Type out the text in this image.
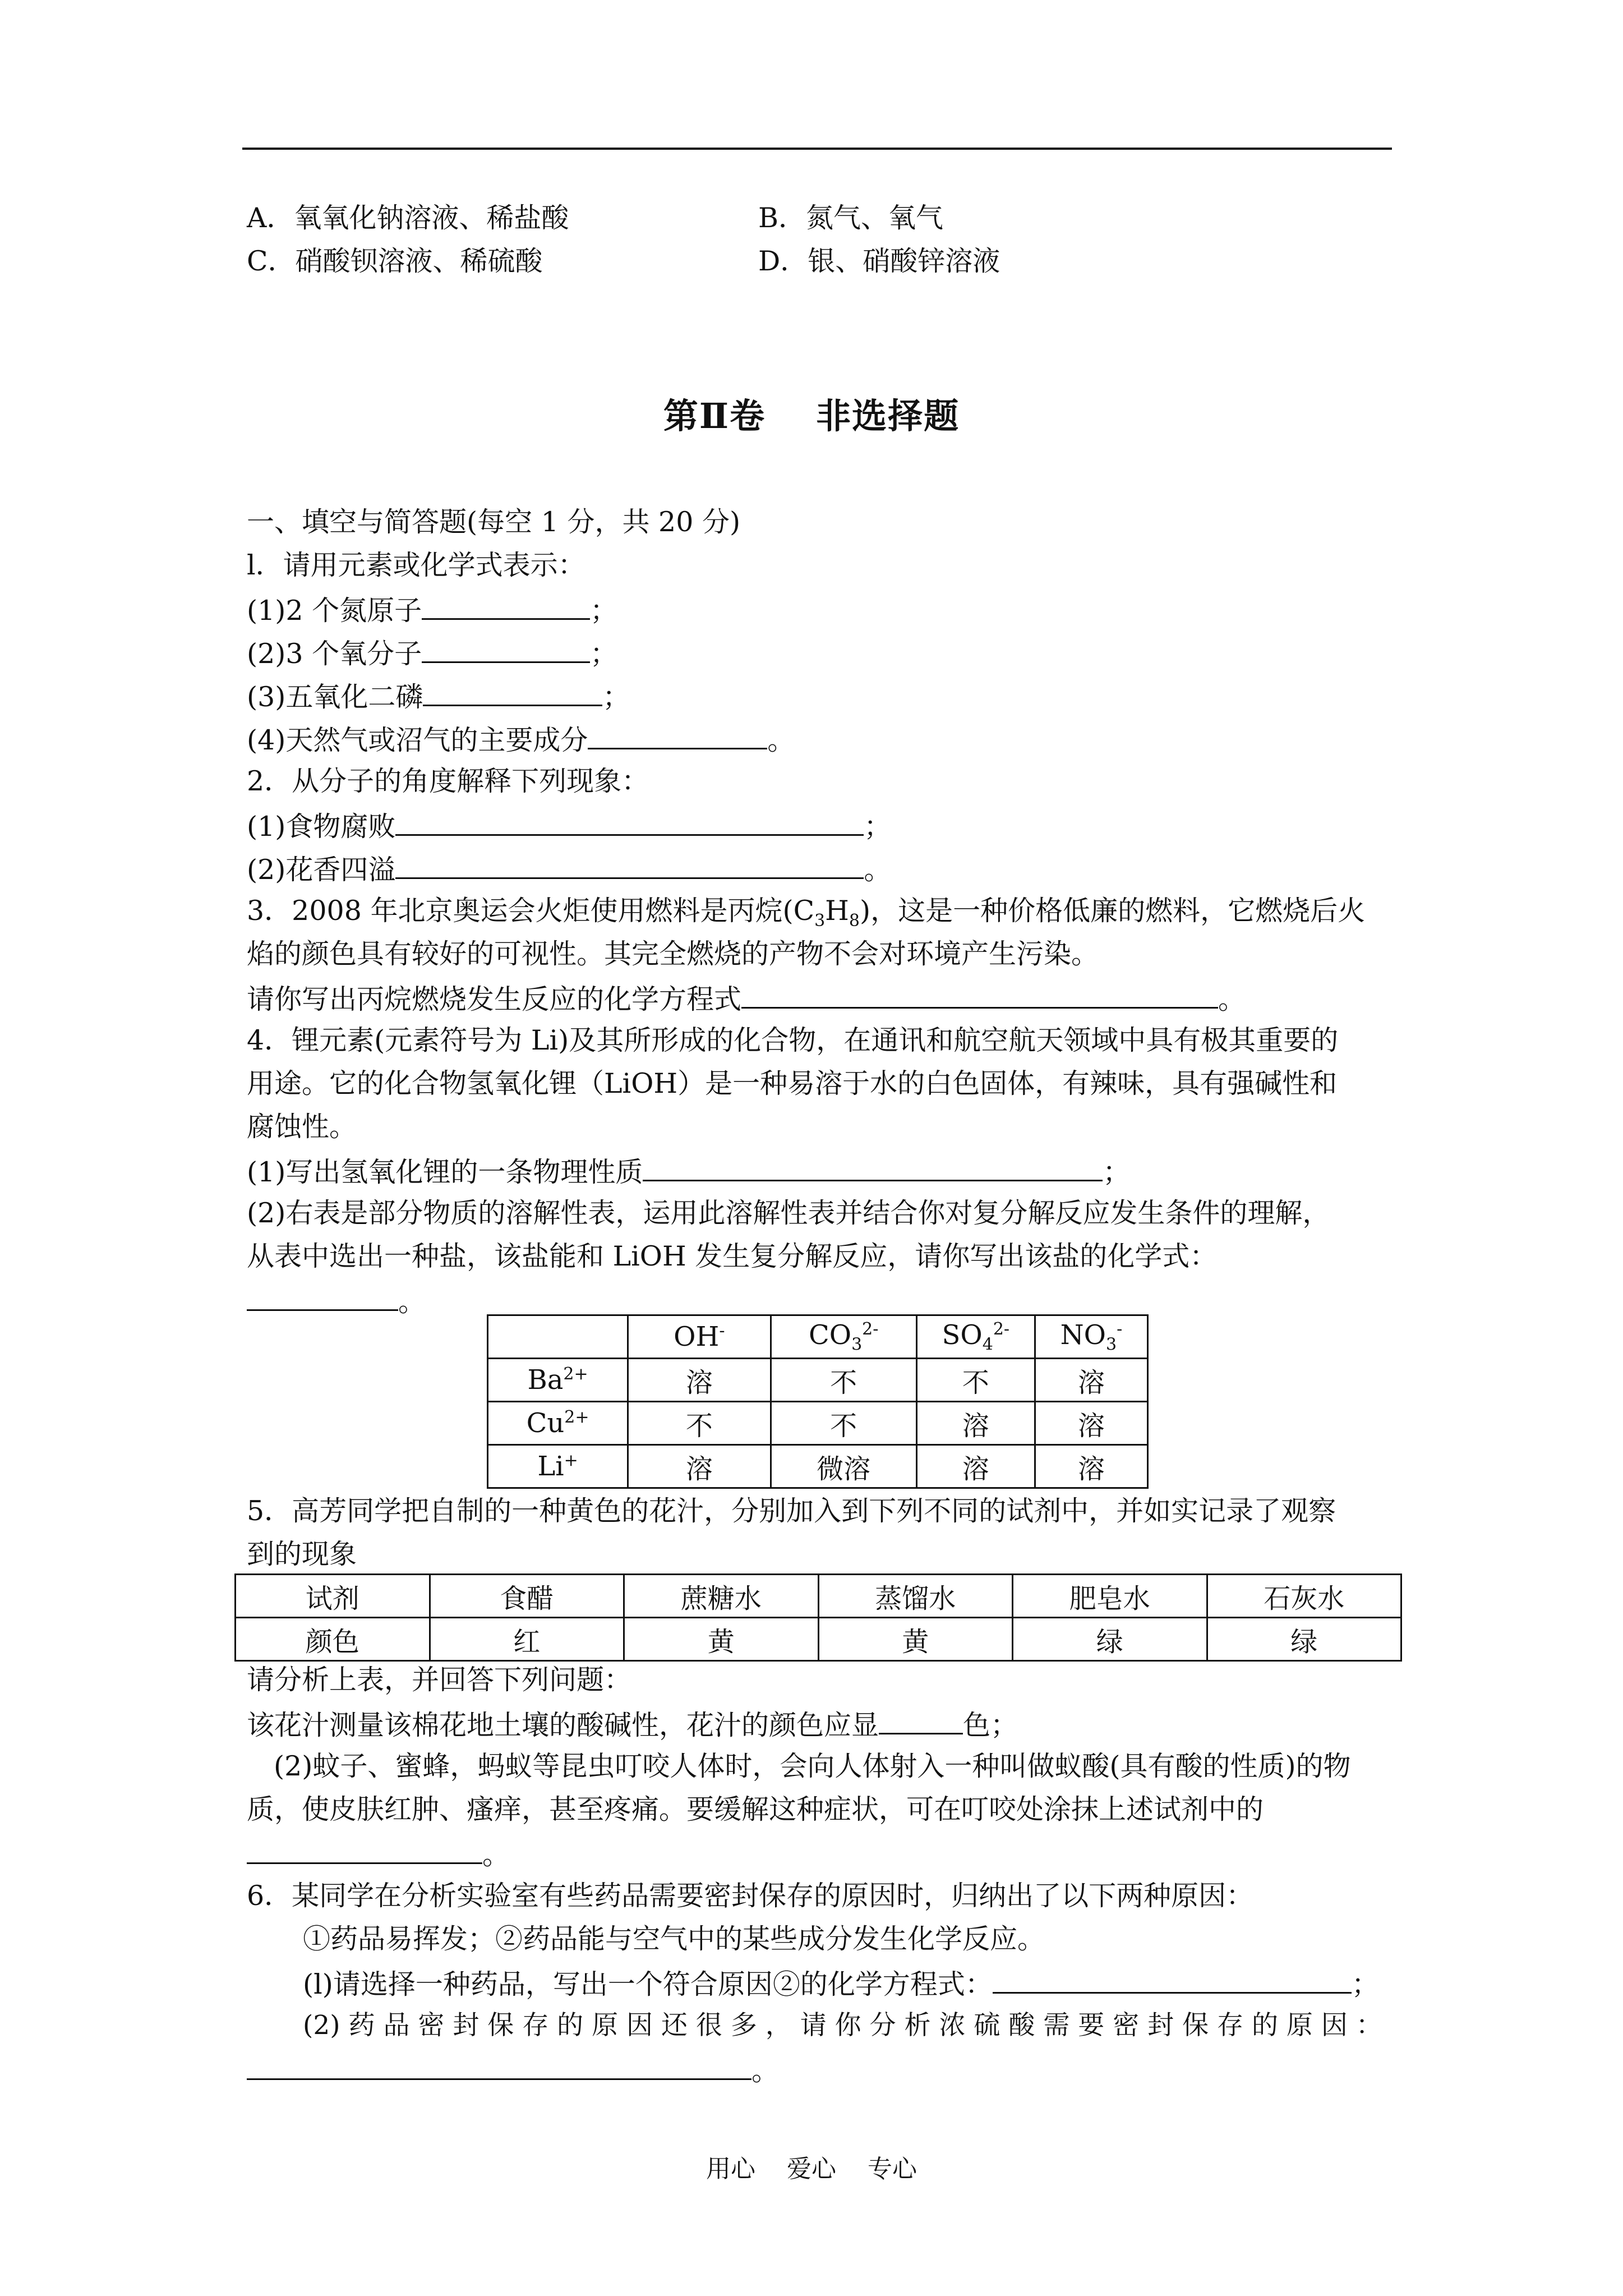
A．氧氧化钠溶液、稀盐酸	B．氮气、氧气
C．硝酸钡溶液、稀硫酸	D．银、硝酸锌溶液
第Ⅱ卷 非选择题
一、填空与简答题(每空 1 分，共 20 分)
l．请用元素或化学式表示：
(1)2 个氮原子	；
(2)3 个氧分子	；
(3)五氧化二磷	；
(4)天然气或沼气的主要成分	。
2．从分子的角度解释下列现象：
(1)食物腐败	；
(2)花香四溢	。
3．2008 年北京奥运会火炬使用燃料是丙烷$(C_3H_8)$，这是一种价格低廉的燃料，它燃烧后火
焰的颜色具有较好的可视性。其完全燃烧的产物不会对环境产生污染。
请你写出丙烷燃烧发生反应的化学方程式	。
4．锂元素(元素符号为 Li)及其所形成的化合物，在通讯和航空航天领域中具有极其重要的
用途。它的化合物氢氧化锂（LiOH）是一种易溶于水的白色固体，有辣味，具有强碱性和
腐蚀性。
(1)写出氢氧化锂的一条物理性质	；
(2)右表是部分物质的溶解性表，运用此溶解性表并结合你对复分解反应发生条件的理解，
从表中选出一种盐，该盐能和 LiOH 发生复分解反应，请你写出该盐的化学式：
。
	OH-	$CO_3^{2-}$	$SO_4^{2-}$	$NO_3^-$
$Ba^{2+}$	溶	不	不	溶
$Cu^{2+}$	不	不	溶	溶
Li+	溶	微溶	溶	溶
5．高芳同学把自制的一种黄色的花汁，分别加入到下列不同的试剂中，并如实记录了观察
到的现象
试剂	食醋	蔗糖水	蒸馏水	肥皂水	石灰水
颜色	红	黄	黄	绿	绿
请分析上表，并回答下列问题：
该花汁测量该棉花地土壤的酸碱性，花汁的颜色应显	色；
(2)蚊子、蜜蜂，蚂蚁等昆虫叮咬人体时，会向人体射入一种叫做蚁酸(具有酸的性质)的物
质，使皮肤红肿、瘙痒，甚至疼痛。要缓解这种症状，可在叮咬处涂抹上述试剂中的
。
6．某同学在分析实验室有些药品需要密封保存的原因时，归纳出了以下两种原因：
①药品易挥发；②药品能与空气中的某些成分发生化学反应。
(l)请选择一种药品，写出一个符合原因②的化学方程式：	；
(2) 药 品 密 封 保 存 的 原 因 还 很 多 ， 请 你 分 析 浓 硫 酸 需 要 密 封 保 存 的 原 因 ：
。
用心 爱心 专心
